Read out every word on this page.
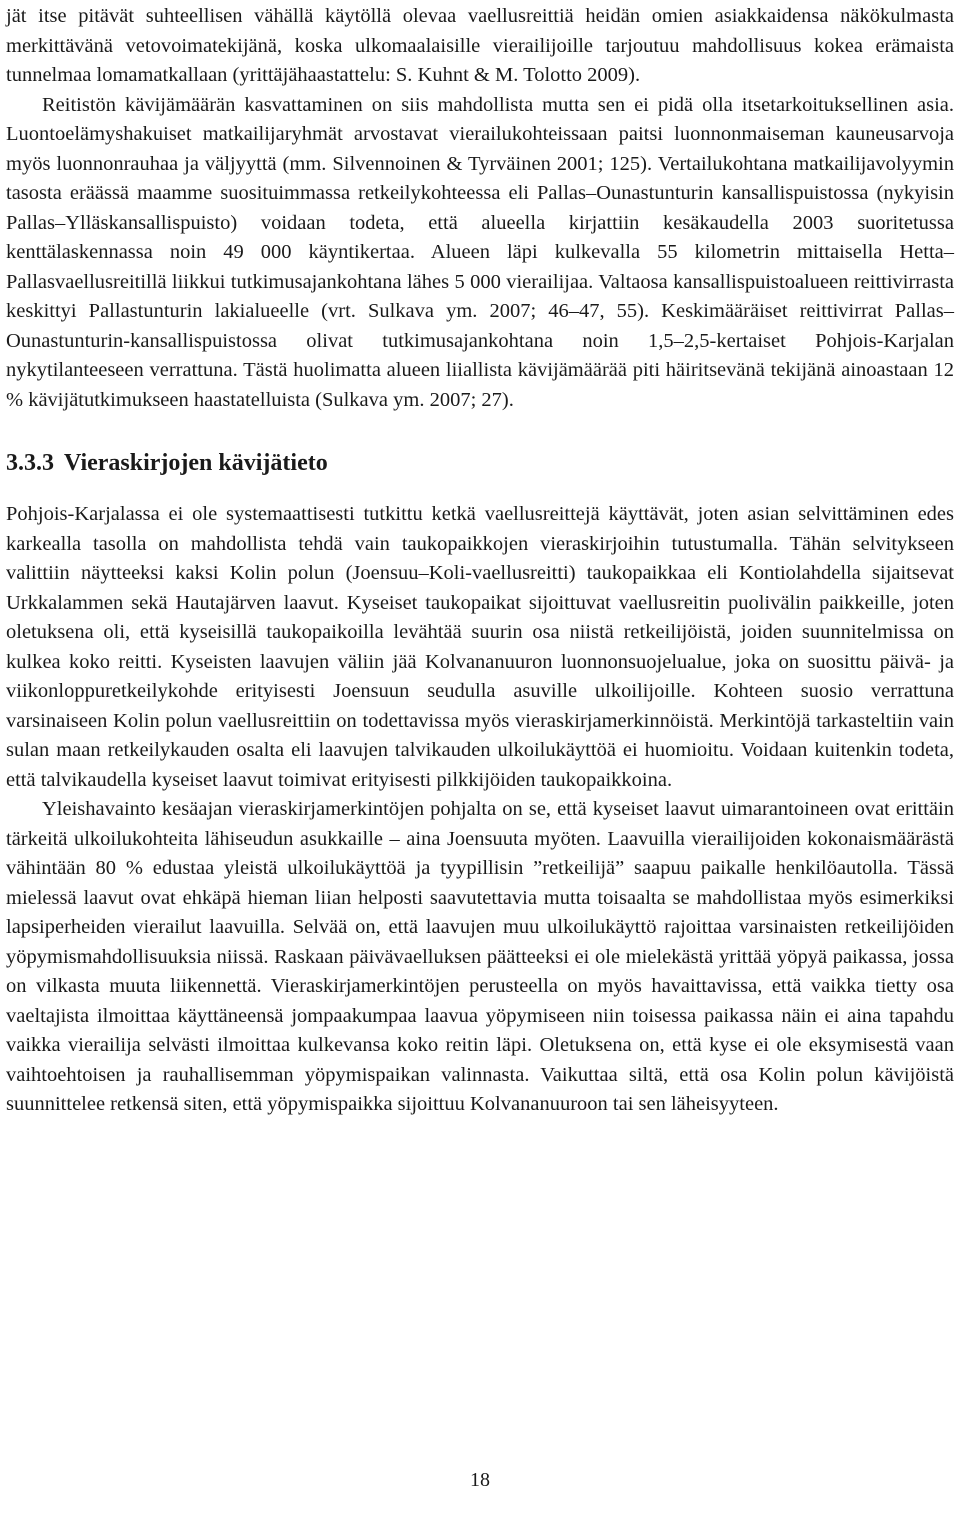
jät itse pitävät suhteellisen vähällä käytöllä olevaa vaellusreittiä heidän omien asiakkaidensa näkökulmasta merkittävänä vetovoimatekijänä, koska ulkomaalaisille vierailijoille tarjoutuu mahdollisuus kokea erämaista tunnelmaa lomamatkallaan (yrittäjähaastattelu: S. Kuhnt & M. Tolotto 2009).

Reitistön kävijämäärän kasvattaminen on siis mahdollista mutta sen ei pidä olla itsetarkoituksellinen asia. Luontoelämyshakuiset matkailijaryhmät arvostavat vierailukohteissaan paitsi luonnonmaiseman kauneusarvoja myös luonnonrauhaa ja väljyyttä (mm. Silvennoinen & Tyrväinen 2001; 125). Vertailukohtana matkailijavolyymin tasosta eräässä maamme suosituimmassa retkeilykohteessa eli Pallas–Ounastunturin kansallispuistossa (nykyisin Pallas–Ylläskansallispuisto) voidaan todeta, että alueella kirjattiin kesäkaudella 2003 suoritetussa kenttälaskennassa noin 49 000 käyntikertaa. Alueen läpi kulkevalla 55 kilometrin mittaisella Hetta–Pallasvaellusreitillä liikkui tutkimusajankohtana lähes 5 000 vierailijaa. Valtaosa kansallispuistoalueen reittivirrasta keskittyi Pallastunturin lakialueelle (vrt. Sulkava ym. 2007; 46–47, 55). Keskimääräiset reittivirrat Pallas–Ounastunturin-kansallispuistossa olivat tutkimusajankohtana noin 1,5–2,5-kertaiset Pohjois-Karjalan nykytilanteeseen verrattuna. Tästä huolimatta alueen liiallista kävijämäärää piti häiritsevänä tekijänä ainoastaan 12 % kävijätutkimukseen haastatelluista (Sulkava ym. 2007; 27).

3.3.3 Vieraskirjojen kävijätieto

Pohjois-Karjalassa ei ole systemaattisesti tutkittu ketkä vaellusreittejä käyttävät, joten asian selvittäminen edes karkealla tasolla on mahdollista tehdä vain taukopaikkojen vieraskirjoihin tutustumalla. Tähän selvitykseen valittiin näytteeksi kaksi Kolin polun (Joensuu–Koli-vaellusreitti) taukopaikkaa eli Kontiolahdella sijaitsevat Urkkalammen sekä Hautajärven laavut. Kyseiset taukopaikat sijoittuvat vaellusreitin puolivälin paikkeille, joten oletuksena oli, että kyseisillä taukopaikoilla levähtää suurin osa niistä retkeilijöistä, joiden suunnitelmissa on kulkea koko reitti. Kyseisten laavujen väliin jää Kolvananuuron luonnonsuojelualue, joka on suosittu päivä- ja viikonloppuretkeilykohde erityisesti Joensuun seudulla asuville ulkoilijoille. Kohteen suosio verrattuna varsinaiseen Kolin polun vaellusreittiin on todettavissa myös vieraskirjamerkinnöistä. Merkintöjä tarkasteltiin vain sulan maan retkeilykauden osalta eli laavujen talvikauden ulkoilukäyttöä ei huomioitu. Voidaan kuitenkin todeta, että talvikaudella kyseiset laavut toimivat erityisesti pilkkijöiden taukopaikkoina.

Yleishavainto kesäajan vieraskirjamerkintöjen pohjalta on se, että kyseiset laavut uimarantoineen ovat erittäin tärkeitä ulkoilukohteita lähiseudun asukkaille – aina Joensuuta myöten. Laavuilla vierailijoiden kokonaismäärästä vähintään 80 % edustaa yleistä ulkoilukäyttöä ja tyypillisin ”retkeilijä” saapuu paikalle henkilöautolla. Tässä mielessä laavut ovat ehkäpä hieman liian helposti saavutettavia mutta toisaalta se mahdollistaa myös esimerkiksi lapsiperheiden vierailut laavuilla. Selvää on, että laavujen muu ulkoilukäyttö rajoittaa varsinaisten retkeilijöiden yöpymismahdollisuuksia niissä. Raskaan päivävaelluksen päätteeksi ei ole mielekästä yrittää yöpyä paikassa, jossa on vilkasta muuta liikennettä. Vieraskirjamerkintöjen perusteella on myös havaittavissa, että vaikka tietty osa vaeltajista ilmoittaa käyttäneensä jompaakumpaa laavua yöpymiseen niin toisessa paikassa näin ei aina tapahdu vaikka vierailija selvästi ilmoittaa kulkevansa koko reitin läpi. Oletuksena on, että kyse ei ole eksymisestä vaan vaihtoehtoisen ja rauhallisemman yöpymispaikan valinnasta. Vaikuttaa siltä, että osa Kolin polun kävijöistä suunnittelee retkensä siten, että yöpymispaikka sijoittuu Kolvananuuroon tai sen läheisyyteen.

18
